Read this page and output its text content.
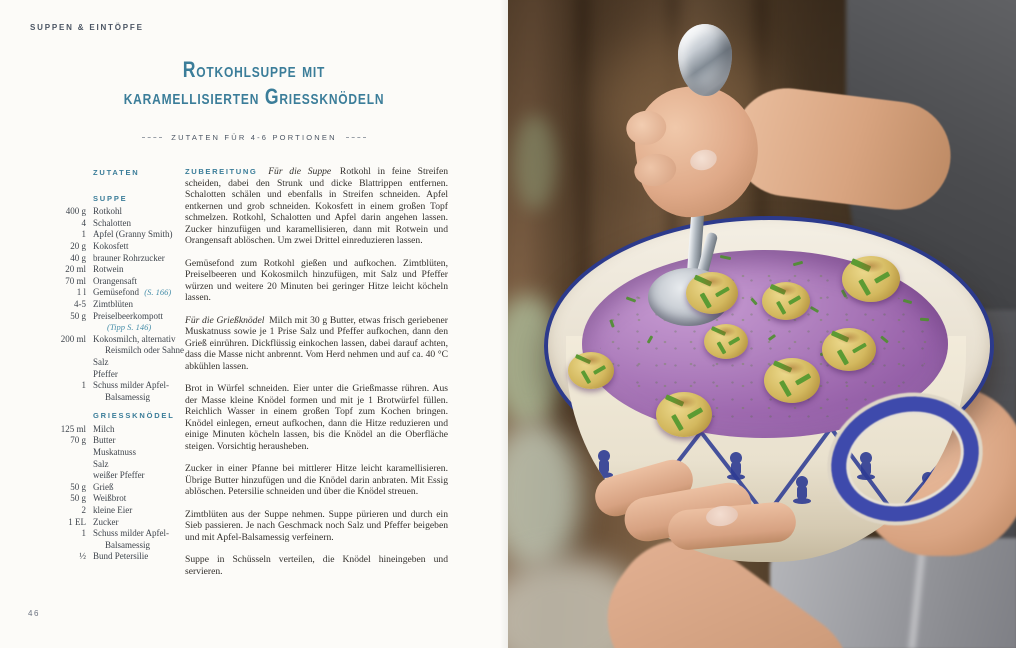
SUPPEN & EINTÖPFE
Rotkohlsuppe mit
karamellisierten Griessknödeln
ZUTATEN FÜR 4-6 PORTIONEN
ZUTATEN
SUPPE
400 g Rotkohl
4 Schalotten
1 Apfel (Granny Smith)
20 g Kokosfett
40 g brauner Rohrzucker
20 ml Rotwein
70 ml Orangensaft
1 l Gemüsefond (S. 166)
4-5 Zimtblüten
50 g Preiselbeerkompott
(Tipp S. 146)
200 ml Kokosmilch, alternativ Reismilch oder Sahne
Salz
Pfeffer
1 Schuss milder Apfel-Balsamessig
GRIESSKNÖDEL
125 ml Milch
70 g Butter
Muskatnuss
Salz
weißer Pfeffer
50 g Grieß
50 g Weißbrot
2 kleine Eier
1 EL Zucker
1 Schuss milder Apfel-Balsamessig
½ Bund Petersilie

ZUBEREITUNG Für die Suppe Rotkohl in feine Streifen scheiden, dabei den Strunk und dicke Blattrippen entfernen. Schalotten schälen und ebenfalls in Streifen schneiden. Apfel entkernen und grob schneiden. Kokosfett in einem großen Topf schmelzen. Rotkohl, Schalotten und Apfel darin angehen lassen. Zucker hinzufügen und karamellisieren, dann mit Rotwein und Orangensaft ablöschen. Um zwei Drittel einreduzieren lassen.

Gemüsefond zum Rotkohl gießen und aufkochen. Zimtblüten, Preiselbeeren und Kokosmilch hinzufügen, mit Salz und Pfeffer würzen und weitere 20 Minuten bei geringer Hitze leicht köcheln lassen.

Für die Grießknödel Milch mit 30 g Butter, etwas frisch geriebener Muskatnuss sowie je 1 Prise Salz und Pfeffer aufkochen, dann den Grieß einrühren. Dickflüssig einkochen lassen, dabei darauf achten, dass die Masse nicht anbrennt. Vom Herd nehmen und auf ca. 40 °C abkühlen lassen.

Brot in Würfel schneiden. Eier unter die Grießmasse rühren. Aus der Masse kleine Knödel formen und mit je 1 Brotwürfel füllen. Reichlich Wasser in einem großen Topf zum Kochen bringen. Knödel einlegen, erneut aufkochen, dann die Hitze reduzieren und einige Minuten köcheln lassen, bis die Knödel an die Oberfläche steigen. Vorsichtig herausheben.

Zucker in einer Pfanne bei mittlerer Hitze leicht karamellisieren. Übrige Butter hinzufügen und die Knödel darin anbraten. Mit Essig ablöschen. Petersilie schneiden und über die Knödel streuen.

Zimtblüten aus der Suppe nehmen. Suppe pürieren und durch ein Sieb passieren. Je nach Geschmack noch Salz und Pfeffer beigeben und mit Apfel-Balsamessig verfeinern.

Suppe in Schüsseln verteilen, die Knödel hineingeben und servieren.

46
